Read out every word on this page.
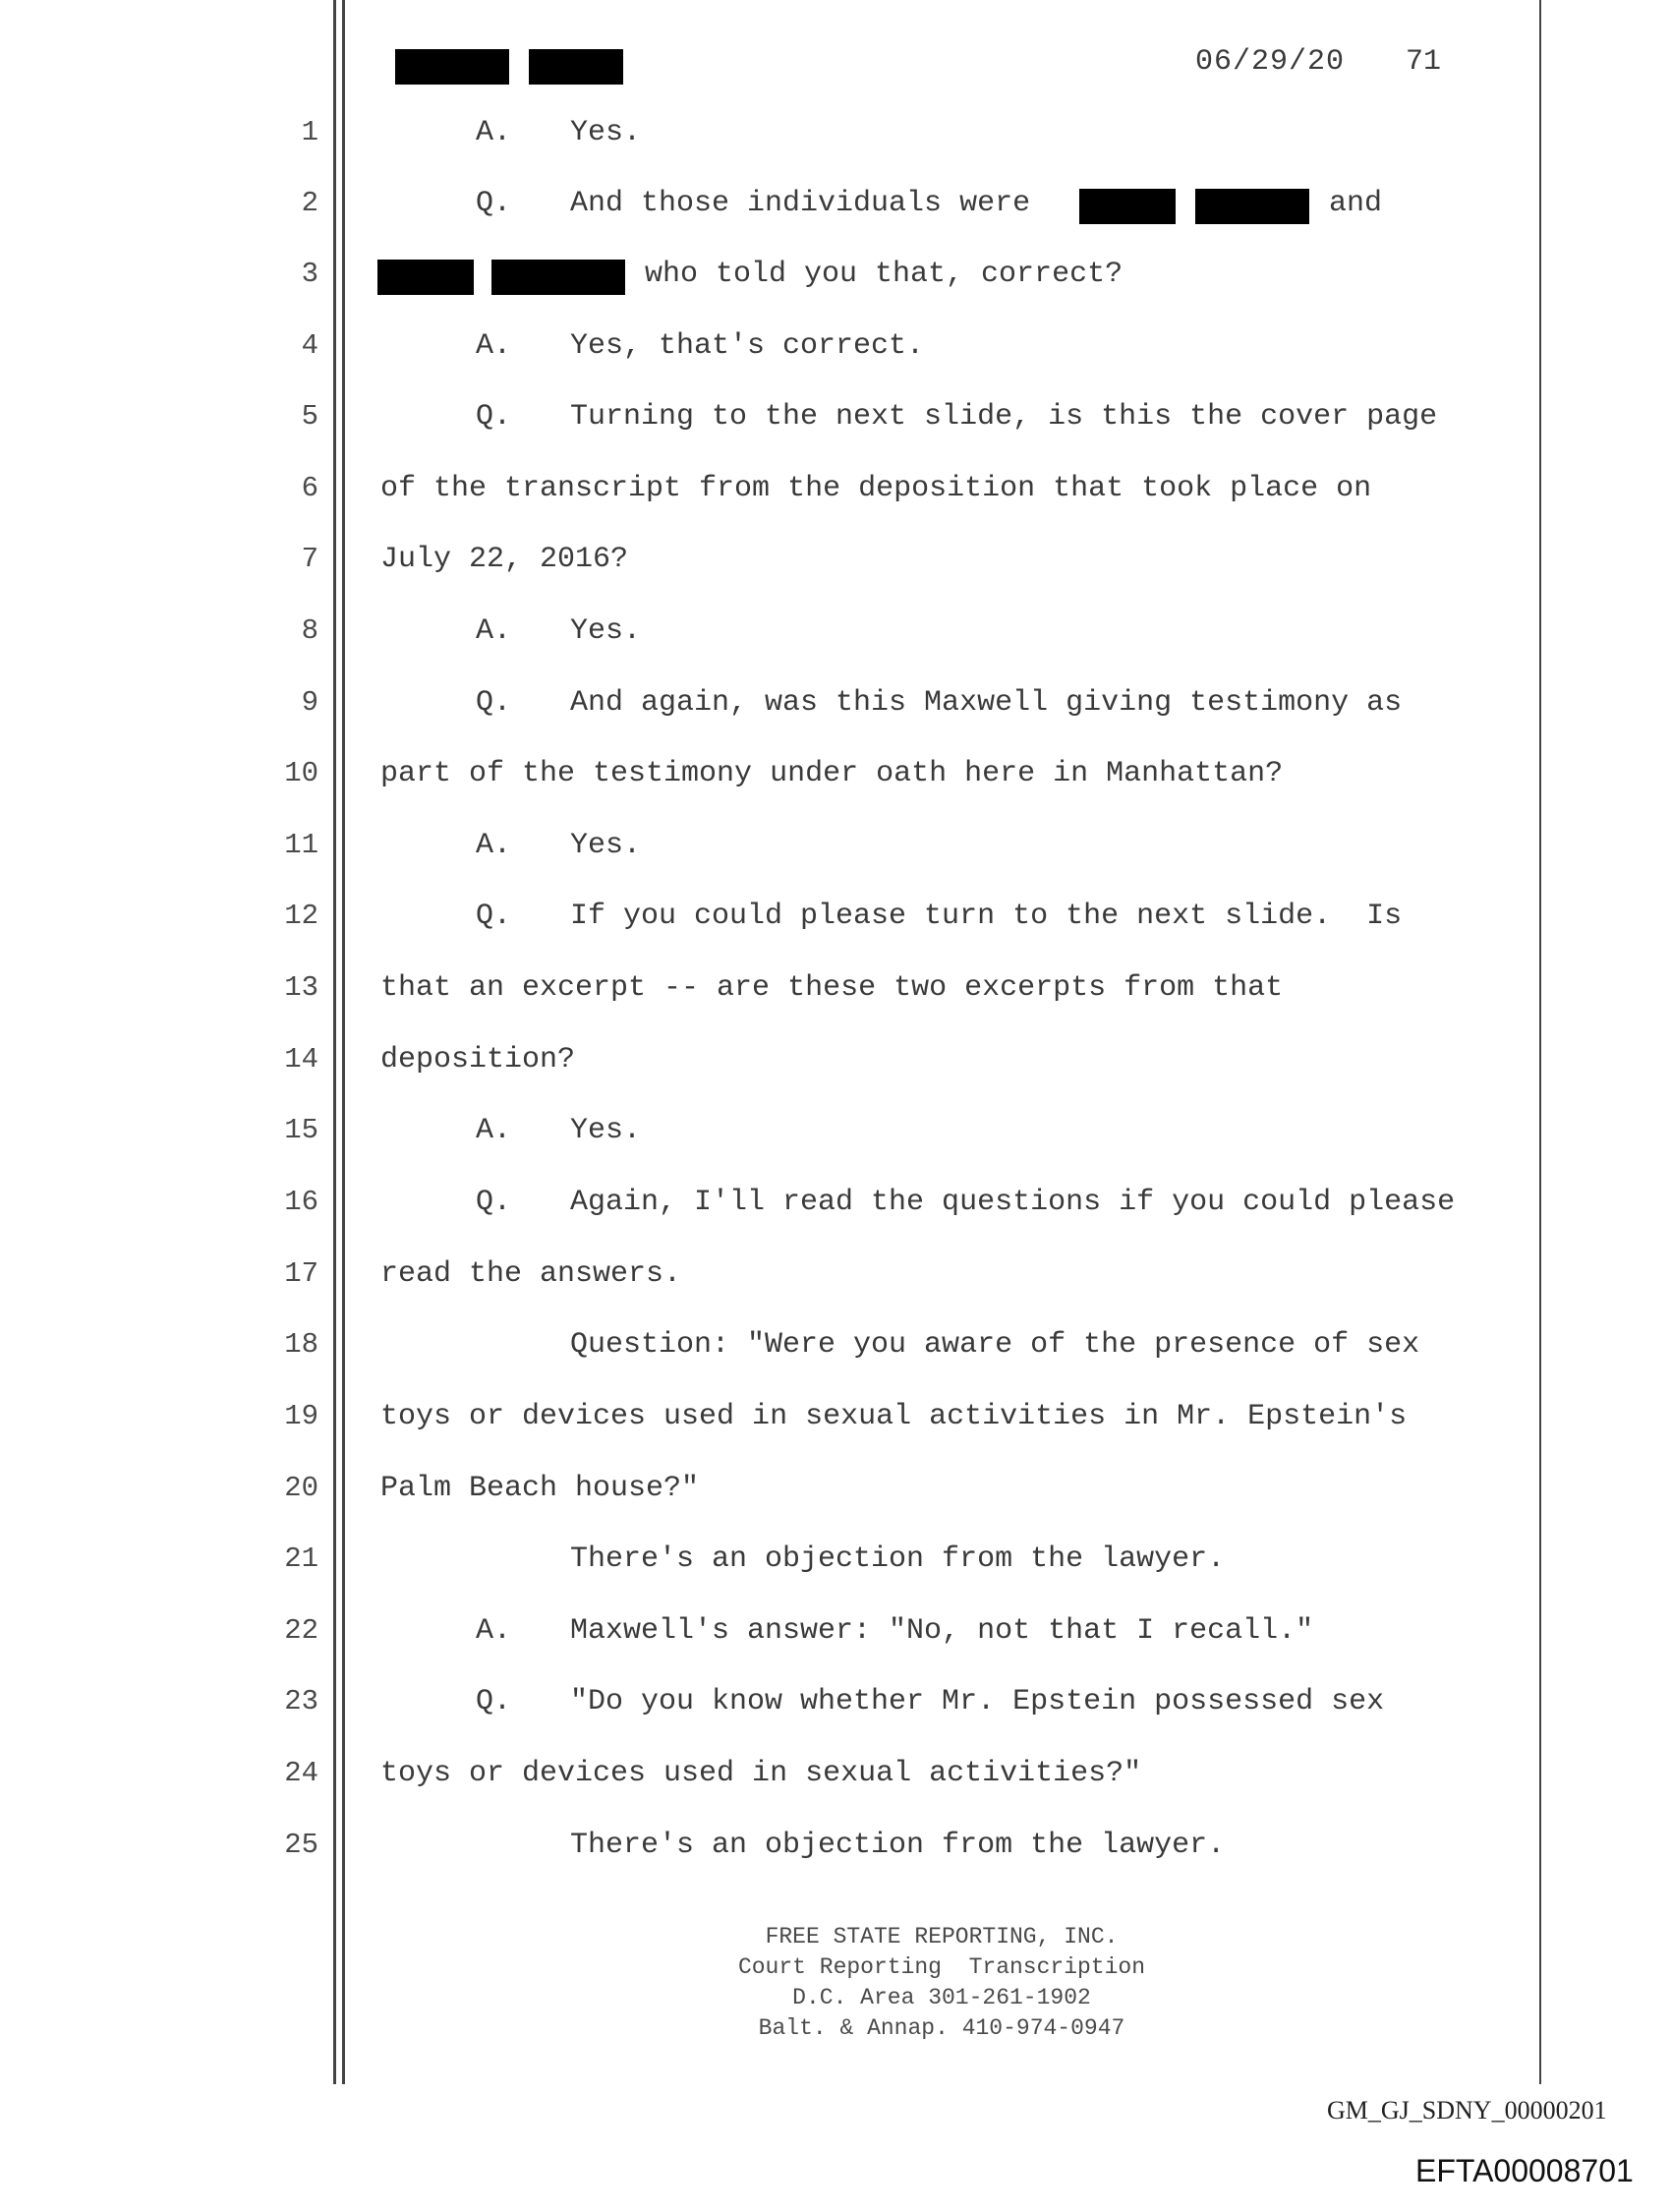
06/29/20 71
1	A. Yes.
2	Q. And those individuals were	and
3	who told you that, correct?
4	A. Yes, that's correct.
5	Q. Turning to the next slide, is this the cover page
6 of the transcript from the deposition that took place on
7 July 22, 2016?
8	A. Yes.
9	Q. And again, was this Maxwell giving testimony as
10 part of the testimony under oath here in Manhattan?
11	A. Yes.
12	Q. If you could please turn to the next slide.  Is
13 that an excerpt -- are these two excerpts from that
14 deposition?
15	A. Yes.
16	Q. Again, I'll read the questions if you could please
17 read the answers.
18	Question: "Were you aware of the presence of sex
19 toys or devices used in sexual activities in Mr. Epstein's
20 Palm Beach house?"
21	There's an objection from the lawyer.
22	A. Maxwell's answer: "No, not that I recall."
23	Q. "Do you know whether Mr. Epstein possessed sex
24 toys or devices used in sexual activities?"
25	There's an objection from the lawyer.
FREE STATE REPORTING, INC.
Court Reporting  Transcription
D.C. Area 301-261-1902
Balt. & Annap. 410-974-0947
GM_GJ_SDNY_00000201
EFTA00008701
